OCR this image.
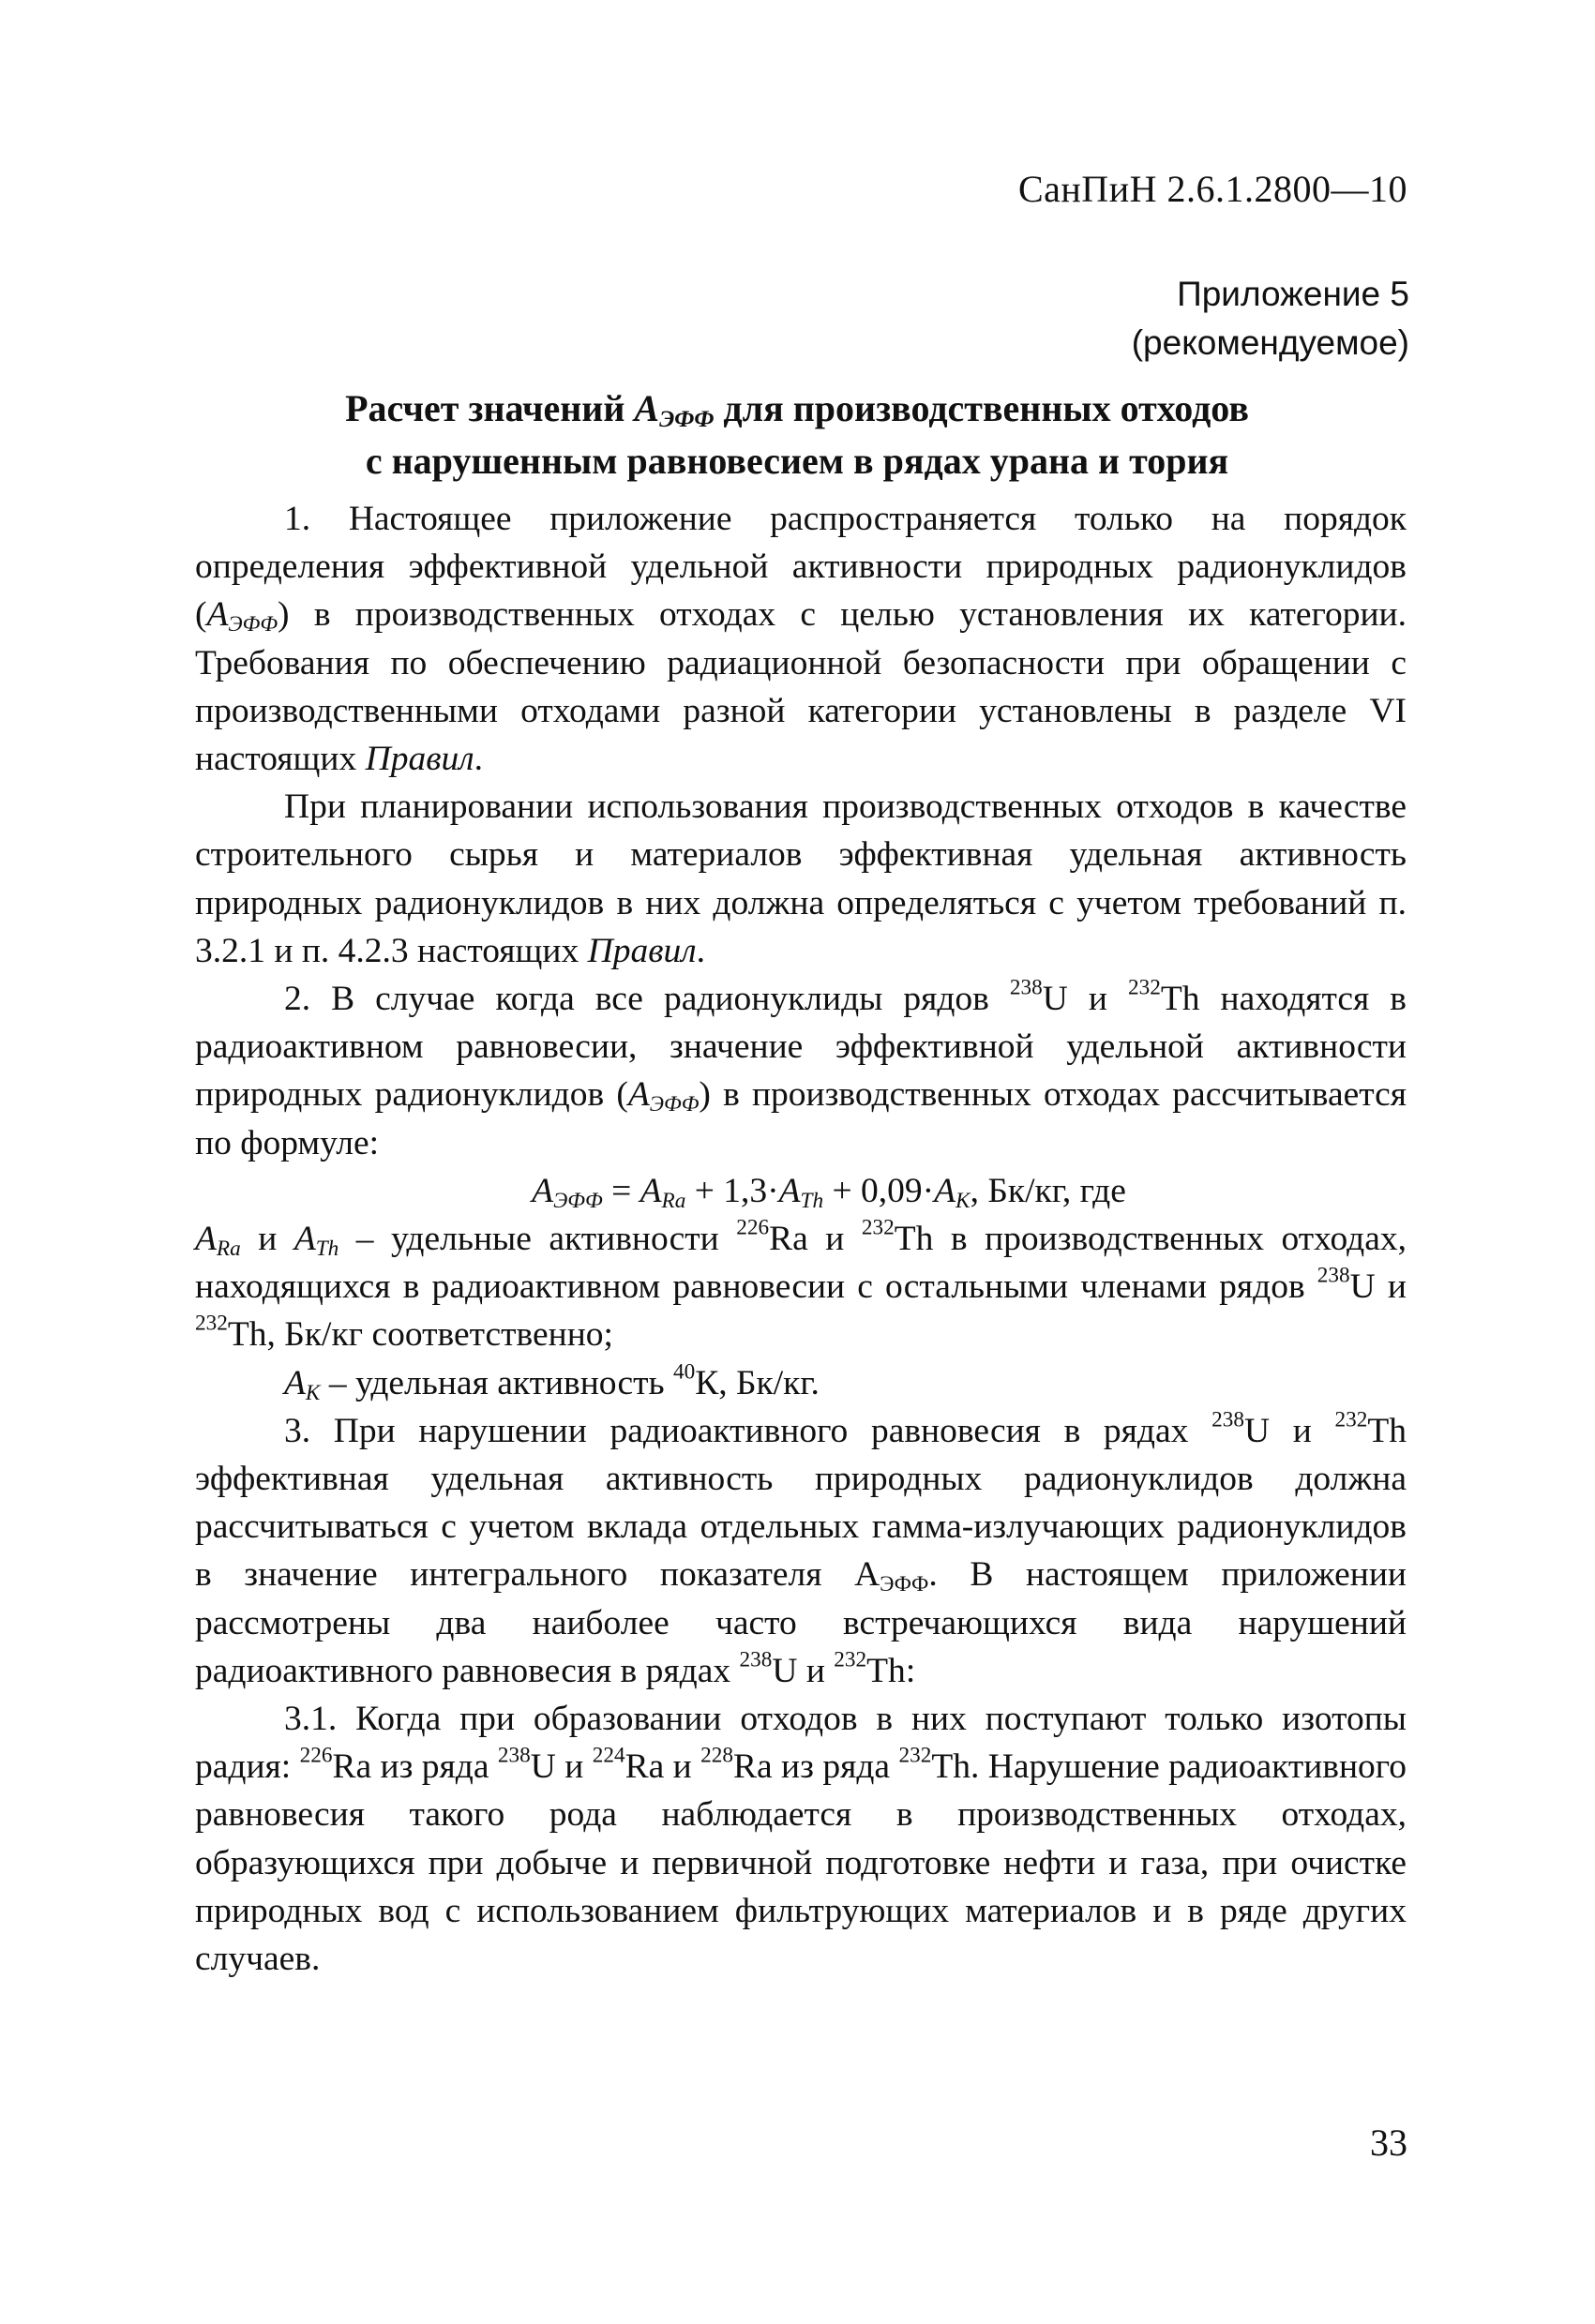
СанПиН 2.6.1.2800—10
Приложение 5
(рекомендуемое)
Расчет значений $A_{ЭФФ}$ для производственных отходов
с нарушенным равновесием в рядах урана и тория

1. Настоящее приложение распространяется только на порядок определения эффективной удельной активности природных радионуклидов $(A_{ЭФФ})$ в производственных отходах с целью установления их категории. Требования по обеспечению радиационной безопасности при обращении с производственными отходами разной категории установлены в разделе VI настоящих Правил.

При планировании использования производственных отходов в качестве строительного сырья и материалов эффективная удельная активность природных радионуклидов в них должна определяться с учетом требований п. 3.2.1 и п. 4.2.3 настоящих Правил.

2. В случае когда все радионуклиды рядов $^{238}$U и $^{232}$Th находятся в радиоактивном равновесии, значение эффективной удельной активности природных радионуклидов $(A_{ЭФФ})$ в производственных отходах рассчитывается по формуле:

$A_{ЭФФ} = A_{Ra} + 1,3\cdot A_{Th} + 0,09\cdot A_K$, Бк/кг, где

$A_{Ra}$ и $A_{Th}$ – удельные активности $^{226}$Ra и $^{232}$Th в производственных отходах, находящихся в радиоактивном равновесии с остальными членами рядов $^{238}$U и $^{232}$Th, Бк/кг соответственно;

$A_K$ – удельная активность $^{40}$К, Бк/кг.

3. При нарушении радиоактивного равновесия в рядах $^{238}$U и $^{232}$Th эффективная удельная активность природных радионуклидов должна рассчитываться с учетом вклада отдельных гамма-излучающих радионуклидов в значение интегрального показателя $А_{ЭФФ}$. В настоящем приложении рассмотрены два наиболее часто встречающихся вида нарушений радиоактивного равновесия в рядах $^{238}$U и $^{232}$Th:

3.1. Когда при образовании отходов в них поступают только изотопы радия: $^{226}$Ra из ряда $^{238}$U и $^{224}$Ra и $^{228}$Ra из ряда $^{232}$Th. Нарушение радиоактивного равновесия такого рода наблюдается в производственных отходах, образующихся при добыче и первичной подготовке нефти и газа, при очистке природных вод с использованием фильтрующих материалов и в ряде других случаев.

33
